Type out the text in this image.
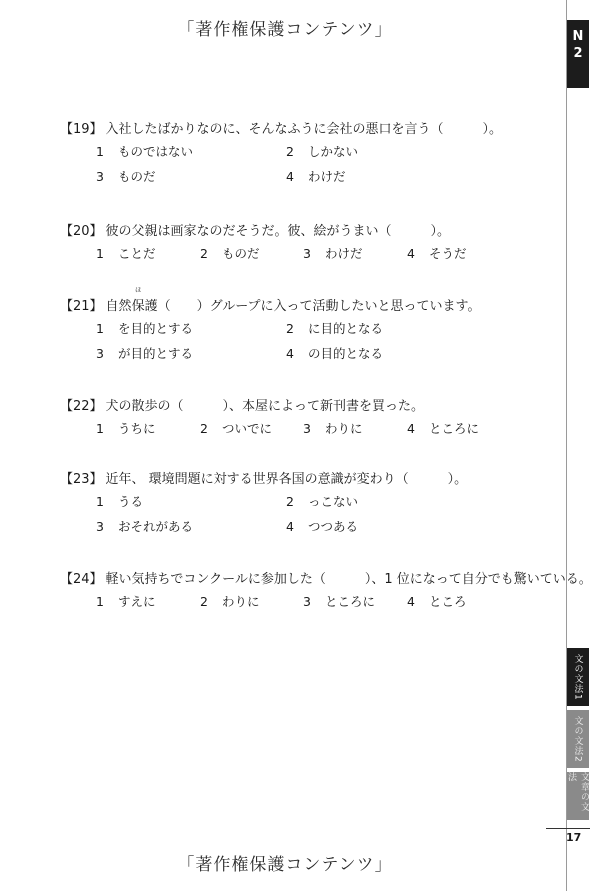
「著作権保護コンテンツ」
「著作権保護コンテンツ」
N
2
文の文法1
文の文法2
文章の文法
17
【19】 入社したばかりなのに、そんなふうに会社の悪口を言う（　　　）。
1 ものではない	2 しかない
3 ものだ	4 わけだ
【20】 彼の父親は画家なのだそうだ。彼、絵がうまい（　　　）。
1 ことだ	2 ものだ	3 わけだ	4 そうだ
【21】 自然
ほ
保護（　　）グループに入って活動したいと思っています。
1 を目的とする	2 に目的となる
3 が目的とする	4 の目的となる
【22】 犬の散歩の（　　　）、本屋によって新刊書を買った。
1 うちに	2 ついでに 3 わりに	4 ところに
【23】 近年、 環境問題に対する世界各国の意識が変わり（　　　）。
1 うる	2 っこない
3 おそれがある	4 つつある
【24】 軽い気持ちでコンクールに参加した（　　　）、1 位になって自分でも驚いている。
1 すえに	2 わりに	3 ところに	4 ところ
